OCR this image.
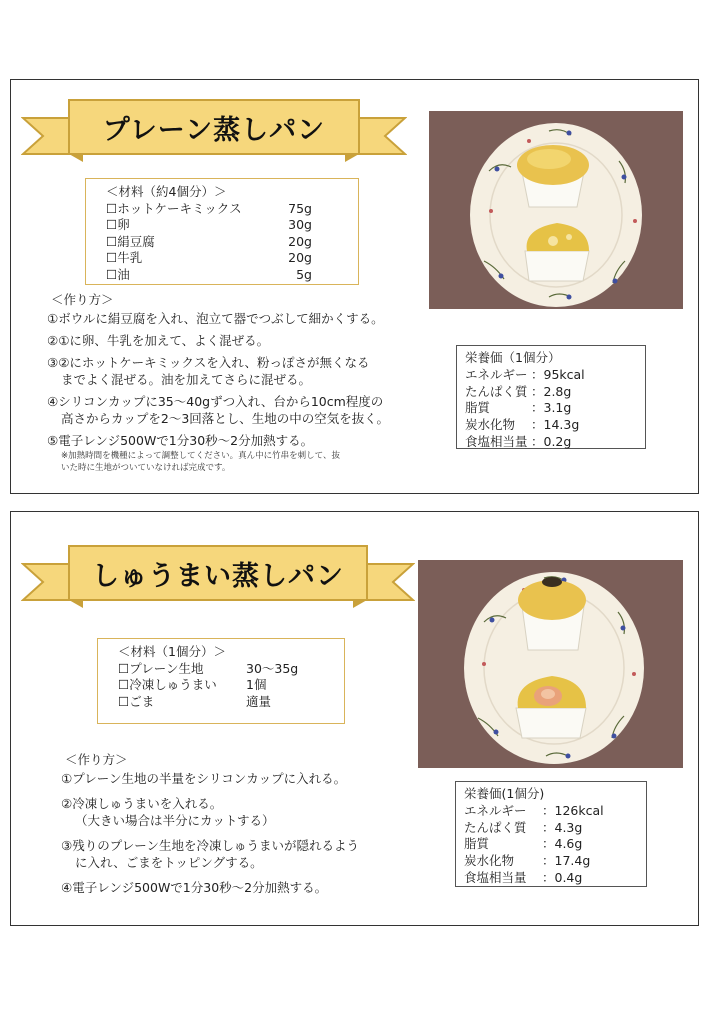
プレーン蒸しパン
＜材料（約4個分）＞
☐ホットケーキミックス	75g
☐卵	30g
☐絹豆腐	20g
☐牛乳	20g
☐油	5g
＜作り方＞
①ボウルに絹豆腐を入れ、泡立て器でつぶして細かくする。
②①に卵、牛乳を加えて、よく混ぜる。
③②にホットケーキミックスを入れ、粉っぽさが無くなる
までよく混ぜる。油を加えてさらに混ぜる。
④シリコンカップに35〜40gずつ入れ、台から10cm程度の
高さからカップを2〜3回落とし、生地の中の空気を抜く。
⑤電子レンジ500Wで1分30秒〜2分加熱する。
※加熱時間を機種によって調整してください。真ん中に竹串を刺して、抜
いた時に生地がついていなければ完成です。
栄養価（1個分）
エネルギー ：95kcal
たんぱく質 ：2.8g
脂質	：3.1g
炭水化物	：14.3g
食塩相当量 ：0.2g
しゅうまい蒸しパン
＜材料（1個分）＞
☐プレーン生地	30〜35g
☐冷凍しゅうまい	1個
☐ごま	適量
＜作り方＞
①プレーン生地の半量をシリコンカップに入れる。
②冷凍しゅうまいを入れる。
（大きい場合は半分にカットする）
③残りのプレーン生地を冷凍しゅうまいが隠れるよう
に入れ、ごまをトッピングする。
④電子レンジ500Wで1分30秒〜2分加熱する。
栄養価(1個分)
エネルギー	：126kcal
たんぱく質	：4.3g
脂質	：4.6g
炭水化物	：17.4g
食塩相当量	：0.4g
